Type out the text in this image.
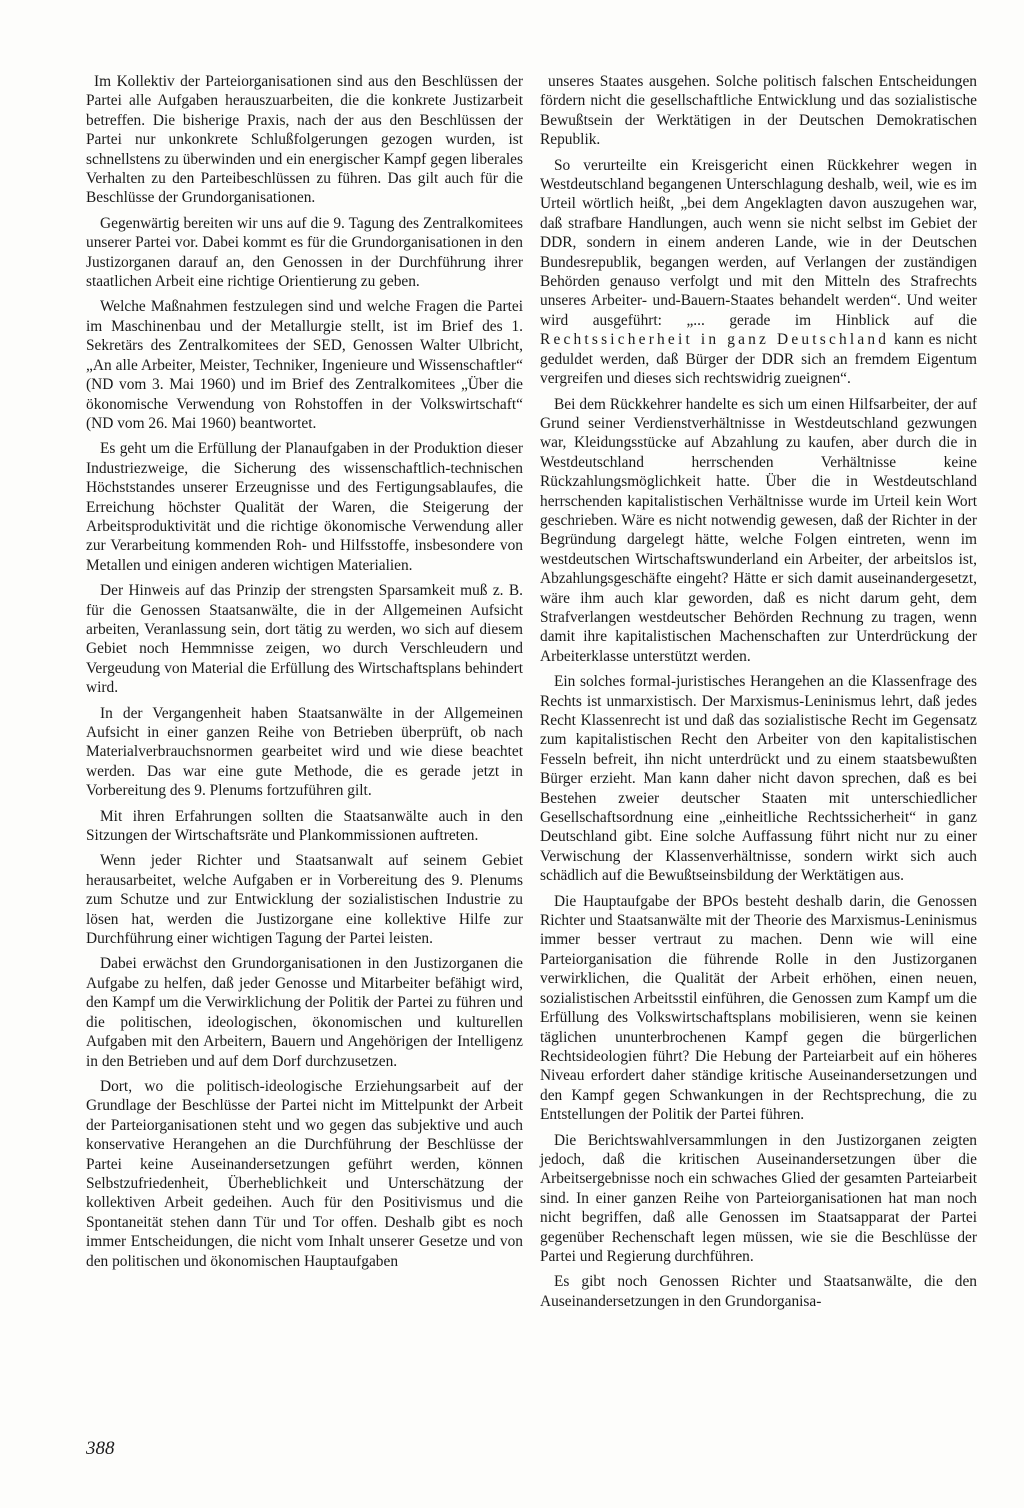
Im Kollektiv der Parteiorganisationen sind aus den Beschlüssen der Partei alle Aufgaben herauszuarbeiten, die die konkrete Justizarbeit betreffen. Die bisherige Praxis, nach der aus den Beschlüssen der Partei nur unkonkrete Schlußfolgerungen gezogen wurden, ist schnellstens zu überwinden und ein energischer Kampf gegen liberales Verhalten zu den Parteibeschlüssen zu führen. Das gilt auch für die Beschlüsse der Grundorganisationen.

Gegenwärtig bereiten wir uns auf die 9. Tagung des Zentralkomitees unserer Partei vor. Dabei kommt es für die Grundorganisationen in den Justizorganen darauf an, den Genossen in der Durchführung ihrer staatlichen Arbeit eine richtige Orientierung zu geben.

Welche Maßnahmen festzulegen sind und welche Fragen die Partei im Maschinenbau und der Metallurgie stellt, ist im Brief des 1. Sekretärs des Zentralkomitees der SED, Genossen Walter Ulbricht, „An alle Arbeiter, Meister, Techniker, Ingenieure und Wissenschaftler“ (ND vom 3. Mai 1960) und im Brief des Zentralkomitees „Über die ökonomische Verwendung von Rohstoffen in der Volkswirtschaft“ (ND vom 26. Mai 1960) beantwortet.

Es geht um die Erfüllung der Planaufgaben in der Produktion dieser Industriezweige, die Sicherung des wissenschaftlich-technischen Höchststandes unserer Erzeugnisse und des Fertigungsablaufes, die Erreichung höchster Qualität der Waren, die Steigerung der Arbeitsproduktivität und die richtige ökonomische Verwendung aller zur Verarbeitung kommenden Roh- und Hilfsstoffe, insbesondere von Metallen und einigen anderen wichtigen Materialien.

Der Hinweis auf das Prinzip der strengsten Sparsamkeit muß z. B. für die Genossen Staatsanwälte, die in der Allgemeinen Aufsicht arbeiten, Veranlassung sein, dort tätig zu werden, wo sich auf diesem Gebiet noch Hemmnisse zeigen, wo durch Verschleudern und Vergeudung von Material die Erfüllung des Wirtschaftsplans behindert wird.

In der Vergangenheit haben Staatsanwälte in der Allgemeinen Aufsicht in einer ganzen Reihe von Betrieben überprüft, ob nach Materialverbrauchsnormen gearbeitet wird und wie diese beachtet werden. Das war eine gute Methode, die es gerade jetzt in Vorbereitung des 9. Plenums fortzuführen gilt.

Mit ihren Erfahrungen sollten die Staatsanwälte auch in den Sitzungen der Wirtschaftsräte und Plankommissionen auftreten.

Wenn jeder Richter und Staatsanwalt auf seinem Gebiet herausarbeitet, welche Aufgaben er in Vorbereitung des 9. Plenums zum Schutze und zur Entwicklung der sozialistischen Industrie zu lösen hat, werden die Justizorgane eine kollektive Hilfe zur Durchführung einer wichtigen Tagung der Partei leisten.

Dabei erwächst den Grundorganisationen in den Justizorganen die Aufgabe zu helfen, daß jeder Genosse und Mitarbeiter befähigt wird, den Kampf um die Verwirklichung der Politik der Partei zu führen und die politischen, ideologischen, ökonomischen und kulturellen Aufgaben mit den Arbeitern, Bauern und Angehörigen der Intelligenz in den Betrieben und auf dem Dorf durchzusetzen.

Dort, wo die politisch-ideologische Erziehungsarbeit auf der Grundlage der Beschlüsse der Partei nicht im Mittelpunkt der Arbeit der Parteiorganisationen steht und wo gegen das subjektive und auch konservative Herangehen an die Durchführung der Beschlüsse der Partei keine Auseinandersetzungen geführt werden, können Selbstzufriedenheit, Überheblichkeit und Unterschätzung der kollektiven Arbeit gedeihen. Auch für den Positivismus und die Spontaneität stehen dann Tür und Tor offen. Deshalb gibt es noch immer Entscheidungen, die nicht vom Inhalt unserer Gesetze und von den politischen und ökonomischen Hauptaufgaben

unseres Staates ausgehen. Solche politisch falschen Entscheidungen fördern nicht die gesellschaftliche Entwicklung und das sozialistische Bewußtsein der Werktätigen in der Deutschen Demokratischen Republik.

So verurteilte ein Kreisgericht einen Rückkehrer wegen in Westdeutschland begangenen Unterschlagung deshalb, weil, wie es im Urteil wörtlich heißt, „bei dem Angeklagten davon auszugehen war, daß strafbare Handlungen, auch wenn sie nicht selbst im Gebiet der DDR, sondern in einem anderen Lande, wie in der Deutschen Bundesrepublik, begangen werden, auf Verlangen der zuständigen Behörden genauso verfolgt und mit den Mitteln des Strafrechts unseres Arbeiter- und-Bauern-Staates behandelt werden“. Und weiter wird ausgeführt: „... gerade im Hinblick auf die Rechtssicherheit in ganz Deutschland kann es nicht geduldet werden, daß Bürger der DDR sich an fremdem Eigentum vergreifen und dieses sich rechtswidrig zueignen“.

Bei dem Rückkehrer handelte es sich um einen Hilfsarbeiter, der auf Grund seiner Verdienstverhältnisse in Westdeutschland gezwungen war, Kleidungsstücke auf Abzahlung zu kaufen, aber durch die in Westdeutschland herrschenden Verhältnisse keine Rückzahlungsmöglichkeit hatte. Über die in Westdeutschland herrschenden kapitalistischen Verhältnisse wurde im Urteil kein Wort geschrieben. Wäre es nicht notwendig gewesen, daß der Richter in der Begründung dargelegt hätte, welche Folgen eintreten, wenn im westdeutschen Wirtschaftswunderland ein Arbeiter, der arbeitslos ist, Abzahlungsgeschäfte eingeht? Hätte er sich damit auseinandergesetzt, wäre ihm auch klar geworden, daß es nicht darum geht, dem Strafverlangen westdeutscher Behörden Rechnung zu tragen, wenn damit ihre kapitalistischen Machenschaften zur Unterdrückung der Arbeiterklasse unterstützt werden.

Ein solches formal-juristisches Herangehen an die Klassenfrage des Rechts ist unmarxistisch. Der Marxismus-Leninismus lehrt, daß jedes Recht Klassenrecht ist und daß das sozialistische Recht im Gegensatz zum kapitalistischen Recht den Arbeiter von den kapitalistischen Fesseln befreit, ihn nicht unterdrückt und zu einem staatsbewußten Bürger erzieht. Man kann daher nicht davon sprechen, daß es bei Bestehen zweier deutscher Staaten mit unterschiedlicher Gesellschaftsordnung eine „einheitliche Rechtssicherheit“ in ganz Deutschland gibt. Eine solche Auffassung führt nicht nur zu einer Verwischung der Klassenverhältnisse, sondern wirkt sich auch schädlich auf die Bewußtseinsbildung der Werktätigen aus.

Die Hauptaufgabe der BPOs besteht deshalb darin, die Genossen Richter und Staatsanwälte mit der Theorie des Marxismus-Leninismus immer besser vertraut zu machen. Denn wie will eine Parteiorganisation die führende Rolle in den Justizorganen verwirklichen, die Qualität der Arbeit erhöhen, einen neuen, sozialistischen Arbeitsstil einführen, die Genossen zum Kampf um die Erfüllung des Volkswirtschaftsplans mobilisieren, wenn sie keinen täglichen ununterbrochenen Kampf gegen die bürgerlichen Rechtsideologien führt? Die Hebung der Parteiarbeit auf ein höheres Niveau erfordert daher ständige kritische Auseinandersetzungen und den Kampf gegen Schwankungen in der Rechtsprechung, die zu Entstellungen der Politik der Partei führen.

Die Berichtswahlversammlungen in den Justizorganen zeigten jedoch, daß die kritischen Auseinandersetzungen über die Arbeitsergebnisse noch ein schwaches Glied der gesamten Parteiarbeit sind. In einer ganzen Reihe von Parteiorganisationen hat man noch nicht begriffen, daß alle Genossen im Staatsapparat der Partei gegenüber Rechenschaft legen müssen, wie sie die Beschlüsse der Partei und Regierung durchführen.

Es gibt noch Genossen Richter und Staatsanwälte, die den Auseinandersetzungen in den Grundorganisa-

388
